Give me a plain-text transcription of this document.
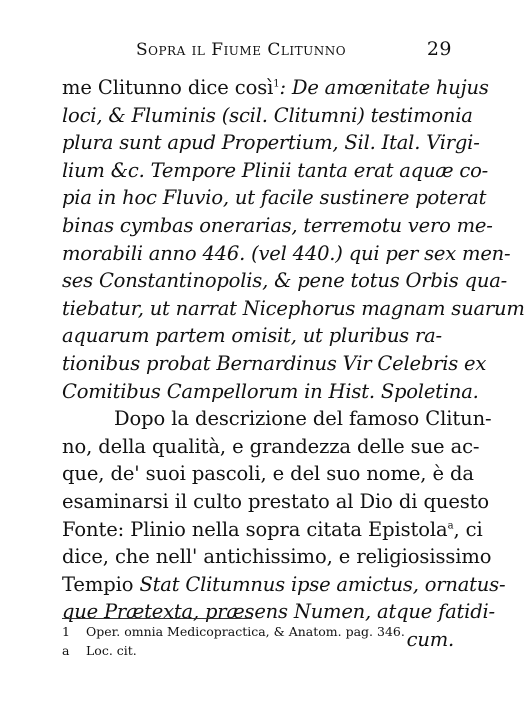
Sopra il Fiume Clitunno	29
me Clitunno dice così$^1$: De amœnitate hujus
loci, & Fluminis (scil. Clitumni) testimonia
plura sunt apud Propertium, Sil. Ital. Virgi-
lium &c. Tempore Plinii tanta erat aquæ co-
pia in hoc Fluvio, ut facile sustinere poterat
binas cymbas onerarias, terremotu vero me-
morabili anno 446. (vel 440.) qui per sex men-
ses Constantinopolis, & pene totus Orbis qua-
tiebatur, ut narrat Nicephorus magnam suarum
aquarum partem omisit, ut pluribus ra-
tionibus probat Bernardinus Vir Celebris ex
Comitibus Campellorum in Hist. Spoletina.
Dopo la descrizione del famoso Clitun-
no, della qualità, e grandezza delle sue ac-
que, de' suoi pascoli, e del suo nome, è da
esaminarsi il culto prestato al Dio di questo
Fonte: Plinio nella sopra citata Epistola$^a$, ci
dice, che nell' antichissimo, e religiosissimo
Tempio Stat Clitumnus ipse amictus, ornatus-
que Prætexta, præsens Numen, atque fatidi-
cum.
1 Oper. omnia Medicopractica, & Anatom. pag. 346.
a Loc. cit.
